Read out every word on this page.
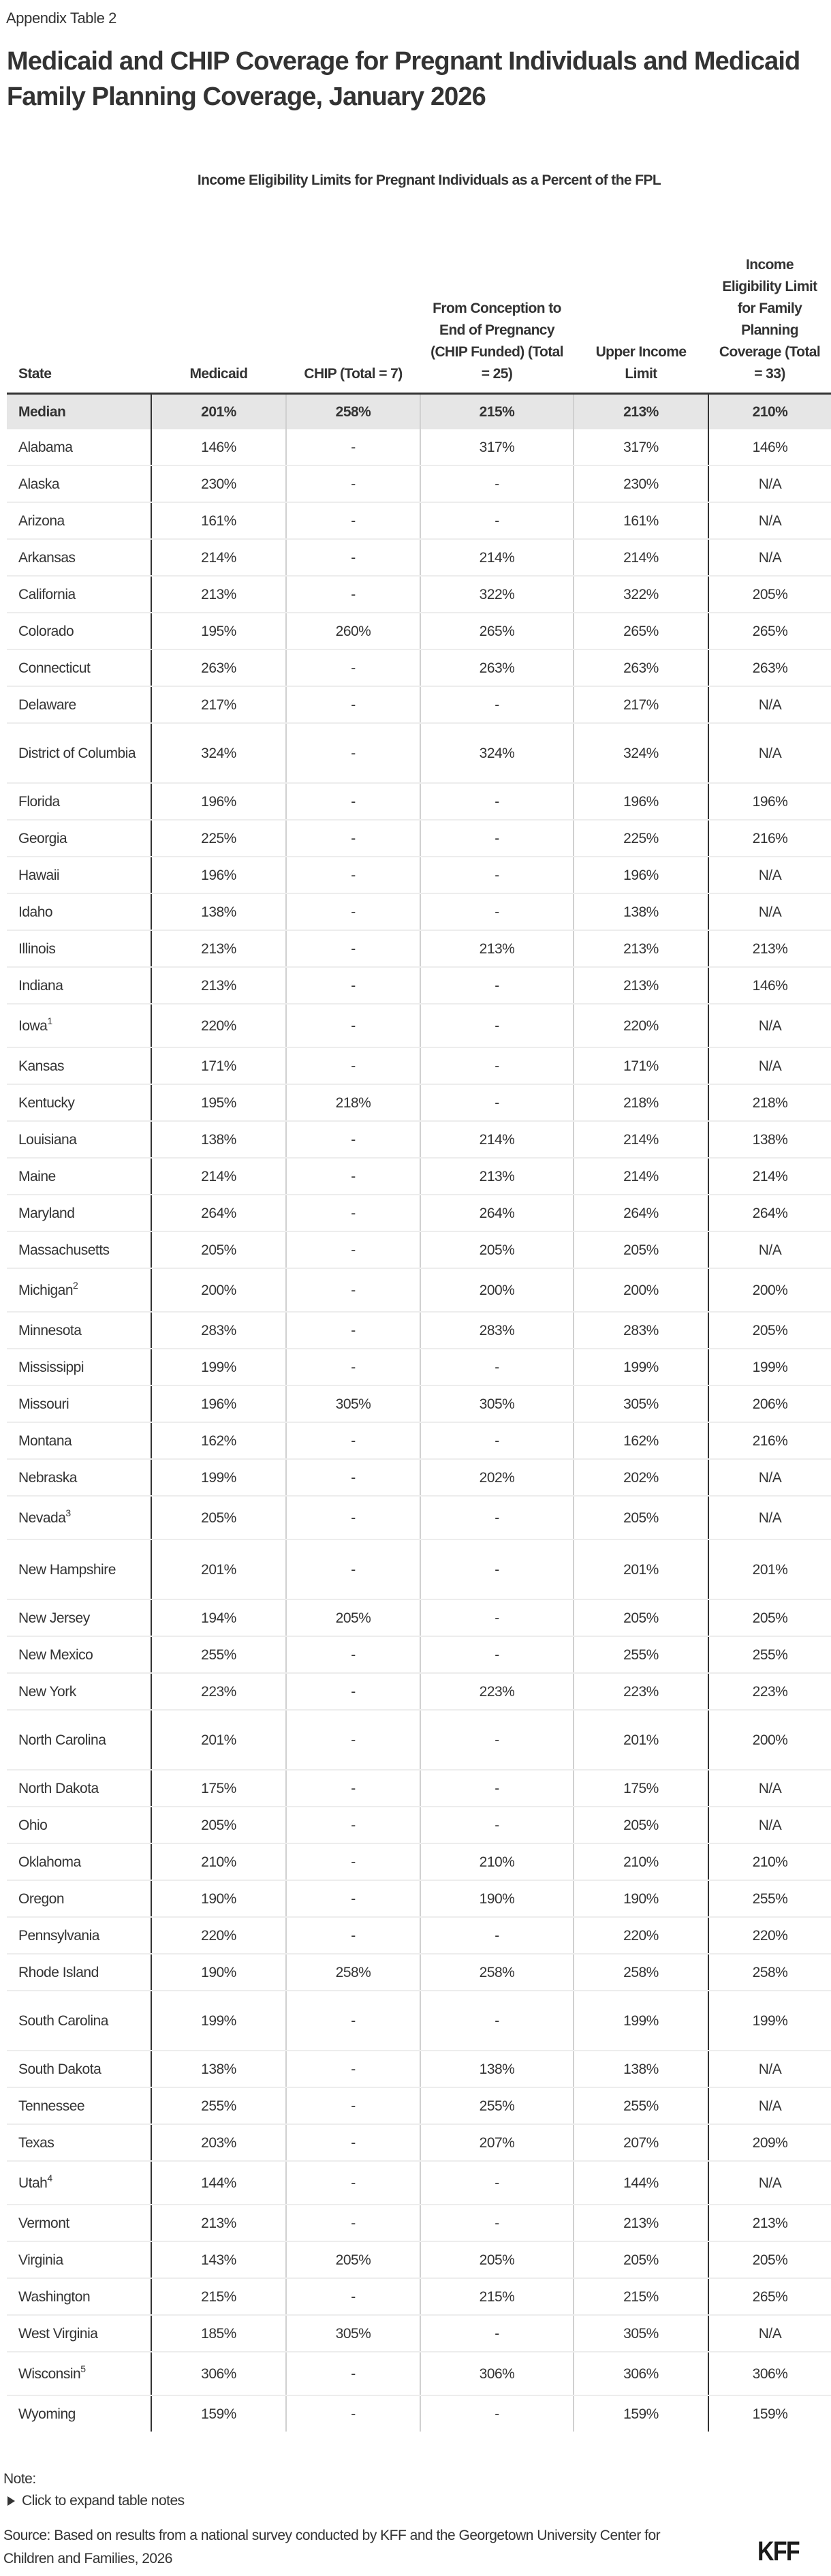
Appendix Table 2
Medicaid and CHIP Coverage for Pregnant Individuals and Medicaid Family Planning Coverage, January 2026
Income Eligibility Limits for Pregnant Individuals as a Percent of the FPL
State	Medicaid	CHIP (Total = 7)	From Conception to End of Pregnancy (CHIP Funded) (Total = 25)	Upper Income Limit	Income Eligibility Limit for Family Planning Coverage (Total = 33)
Median	201%	258%	215%	213%	210%
Alabama	146%	-	317%	317%	146%
Alaska	230%	-	-	230%	N/A
Arizona	161%	-	-	161%	N/A
Arkansas	214%	-	214%	214%	N/A
California	213%	-	322%	322%	205%
Colorado	195%	260%	265%	265%	265%
Connecticut	263%	-	263%	263%	263%
Delaware	217%	-	-	217%	N/A
District of Columbia	324%	-	324%	324%	N/A
Florida	196%	-	-	196%	196%
Georgia	225%	-	-	225%	216%
Hawaii	196%	-	-	196%	N/A
Idaho	138%	-	-	138%	N/A
Illinois	213%	-	213%	213%	213%
Indiana	213%	-	-	213%	146%
Iowa$^1$	220%	-	-	220%	N/A
Kansas	171%	-	-	171%	N/A
Kentucky	195%	218%	-	218%	218%
Louisiana	138%	-	214%	214%	138%
Maine	214%	-	213%	214%	214%
Maryland	264%	-	264%	264%	264%
Massachusetts	205%	-	205%	205%	N/A
Michigan$^2$	200%	-	200%	200%	200%
Minnesota	283%	-	283%	283%	205%
Mississippi	199%	-	-	199%	199%
Missouri	196%	305%	305%	305%	206%
Montana	162%	-	-	162%	216%
Nebraska	199%	-	202%	202%	N/A
Nevada$^3$	205%	-	-	205%	N/A
New Hampshire	201%	-	-	201%	201%
New Jersey	194%	205%	-	205%	205%
New Mexico	255%	-	-	255%	255%
New York	223%	-	223%	223%	223%
North Carolina	201%	-	-	201%	200%
North Dakota	175%	-	-	175%	N/A
Ohio	205%	-	-	205%	N/A
Oklahoma	210%	-	210%	210%	210%
Oregon	190%	-	190%	190%	255%
Pennsylvania	220%	-	-	220%	220%
Rhode Island	190%	258%	258%	258%	258%
South Carolina	199%	-	-	199%	199%
South Dakota	138%	-	138%	138%	N/A
Tennessee	255%	-	255%	255%	N/A
Texas	203%	-	207%	207%	209%
Utah$^4$	144%	-	-	144%	N/A
Vermont	213%	-	-	213%	213%
Virginia	143%	205%	205%	205%	205%
Washington	215%	-	215%	215%	265%
West Virginia	185%	305%	-	305%	N/A
Wisconsin$^5$	306%	-	306%	306%	306%
Wyoming	159%	-	-	159%	159%
Note:
Click to expand table notes
Source: Based on results from a national survey conducted by KFF and the Georgetown University Center for Children and Families, 2026	KFF
